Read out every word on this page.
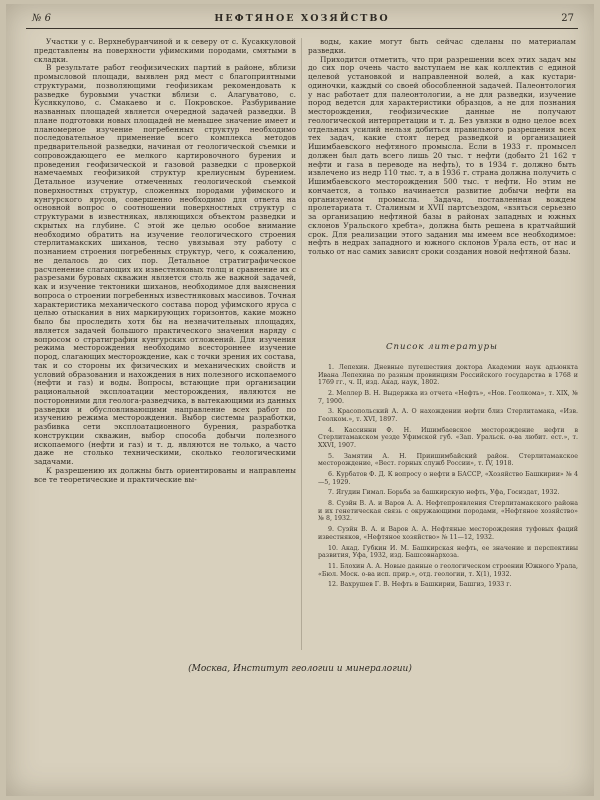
№ 6	НЕФТЯНОЕ ХОЗЯЙСТВО	27

Участки у с. Верхнебуранчиной и к северу от с. Кусаккуловой представлены на поверхности уфимскими породами, смятыми в складки.

В результате работ геофизических партий в районе, вблизи промысловой площади, выявлен ряд мест с благоприятными структурами, позволяющими геофизикам рекомендовать к разведке буровыми участки вблизи с. Алагуватово, с. Кусяккулово, с. Смакаево и с. Покровское. Разбуривание названных площадей является очередной задачей разведки. В плане подготовки новых площадей не меньшее значение имеет и планомерное изучение погребенных структур необходимо последовательное применение всего комплекса методов предварительной разведки, начиная от геологической съемки и сопровождающего ее мелкого картировочного бурения и проведения геофизической и газовой разведки с проверкой намечаемых геофизикой структур крелиусным бурением. Детальное изучение отмеченных геологической съемкой поверхностных структур, сложенных породами уфимского и кунгурского ярусов, совершенно необходимо для ответа на основной вопрос о соотношении поверхностных структур с структурами в известняках, являющихся объектом разведки и скрытых на глубине. С этой же целью особое внимание необходимо обратить на изучение геологического строения стерлитамакских шиханов, тесно увязывая эту работу с познанием строения погребенных структур, чего, к сожалению, не делалось до сих пор. Детальное стратиграфическое расчленение слагающих их известняковых толщ и сравнение их с разрезами буровых скважин является столь же важной задачей, как и изучение тектоники шиханов, необходимое для выяснения вопроса о строении погребенных известняковых массивов. Точная характеристика механического состава пород уфимского яруса с целью отыскания в них маркирующих горизонтов, какие можно было бы проследить хотя бы на незначительных площадях, является задачей большого практического значения наряду с вопросом о стратиграфии кунгурских отложений. Для изучения режима месторождения необходимо всестороннее изучение пород, слагающих месторождение, как с точки зрения их состава, так и со стороны их физических и механических свойств и условий образования и нахождения в них полезного ископаемого (нефти и газ) и воды. Вопросы, встающие при организации рациональной эксплоатации месторождения, являются не посторонними для геолога-разведчика, в вытекающими из данных разведки и обусловливающими направление всех работ по изучению режима месторождения. Выбор системы разработки, разбивка сети эксплоатационного бурения, разработка конструкции скважин, выбор способа добычи полезного ископаемого (нефти и газ) и т. д. являются не только, а часто даже не столько техническими, сколько геологическими задачами.

К разрешению их должны быть ориентированы и направлены все те теоретические и практические вы-

воды, какие могут быть сейчас сделаны по материалам разведки.

Приходится отметить, что при разрешении всех этих задач мы до сих пор очень часто выступаем не как коллектив с единой целевой установкой и направленной волей, а как кустари-одиночки, каждый со своей обособленной задачей. Палеонтология у нас работает для палеонтологии, а не для разведки, изучение пород ведется для характеристики образцов, а не для познания месторождения, геофизические данные не получают геологической интерпретации и т. д. Без увязки в одно целое всех отдельных усилий нельзя добиться правильного разрешения всех тех задач, какие стоят перед разведкой и организацией Ишимбаевского нефтяного промысла. Если в 1933 г. промысел должен был дать всего лишь 20 тыс. т нефти (добыто 21 162 т нефти и газа в переводе на нефть), то в 1934 г. должно быть извлечено из недр 110 тыс. т, а в 1936 г. страна должна получить с Ишимбаевского месторождения 500 тыс. т нефти. Но этим не кончается, а только начинается развитие добычи нефти на организуемом промысла. Задача, поставленная вождем пролетариата т. Сталиным и XVII партсъездом, «взяться серьезно за организацию нефтяной базы в районах западных и южных склонов Уральского хребта», должна быть решена в кратчайший срок. Для реализации этого задания мы имеем все необходимое: нефть в недрах западного и южного склонов Урала есть, от нас и только от нас самих зависят сроки создания новой нефтяной базы.

Список литературы
1. Лепехин. Дневные путешествия доктора Академии наук адъюнкта Ивана Лепехина по разным провинциям Российского государства в 1768 и 1769 гг., ч. II, изд. Акад. наук, 1802.
2. Меллер В. Н. Выдержка из отчета «Нефть», «Нов. Геолкома», т. XIX, № 7, 1900.
3. Красопольский А. А. О нахождении нефти близ Стерлитамака, «Изв. Геолком.», т. XVI, 1897.
4. Кассинни Ф. Н. Ишимбаевское месторождение нефти в Стерлитамакском уезде Уфимской губ. «Зап. Уральск. о-ва любит. ест.», т. XXVI, 1907.
5. Замятин А. Н. Приишимбайский район. Стерлитамакское месторождение, «Вест. горных служб России», т. IV, 1918.
6. Курбатов Ф. Д. К вопросу о нефти в БАССР, «Хозяйство Башкирии» № 4—5, 1929.
7. Ягудин Гимал. Борьба за башкирскую нефть, Уфа, Госиздат, 1932.
8. Суэйн В. А. и Варов А. А. Нефтепроявления Стерлитамакского района и их генетическая связь с окружающими породами, «Нефтяное хозяйство» № 8, 1932.
9. Суэйн В. А. и Варов А. А. Нефтяные месторождения туфовых фаций известняков, «Нефтяное хозяйство» № 11—12, 1932.
10. Акад. Губкин И. М. Башкирская нефть, ее значение и перспективы развития, Уфа, 1932, изд. Башсовнархоза.
11. Блохин А. А. Новые данные о геологическом строении Южного Урала, «Бюл. Моск. о-ва исп. прир.», отд. геологии, т. X(1), 1932.
12. Вахрушев Г. В. Нефть в Башкирии, Башгиз, 1933 г.
(Москва, Институт геологии и минералогии)
